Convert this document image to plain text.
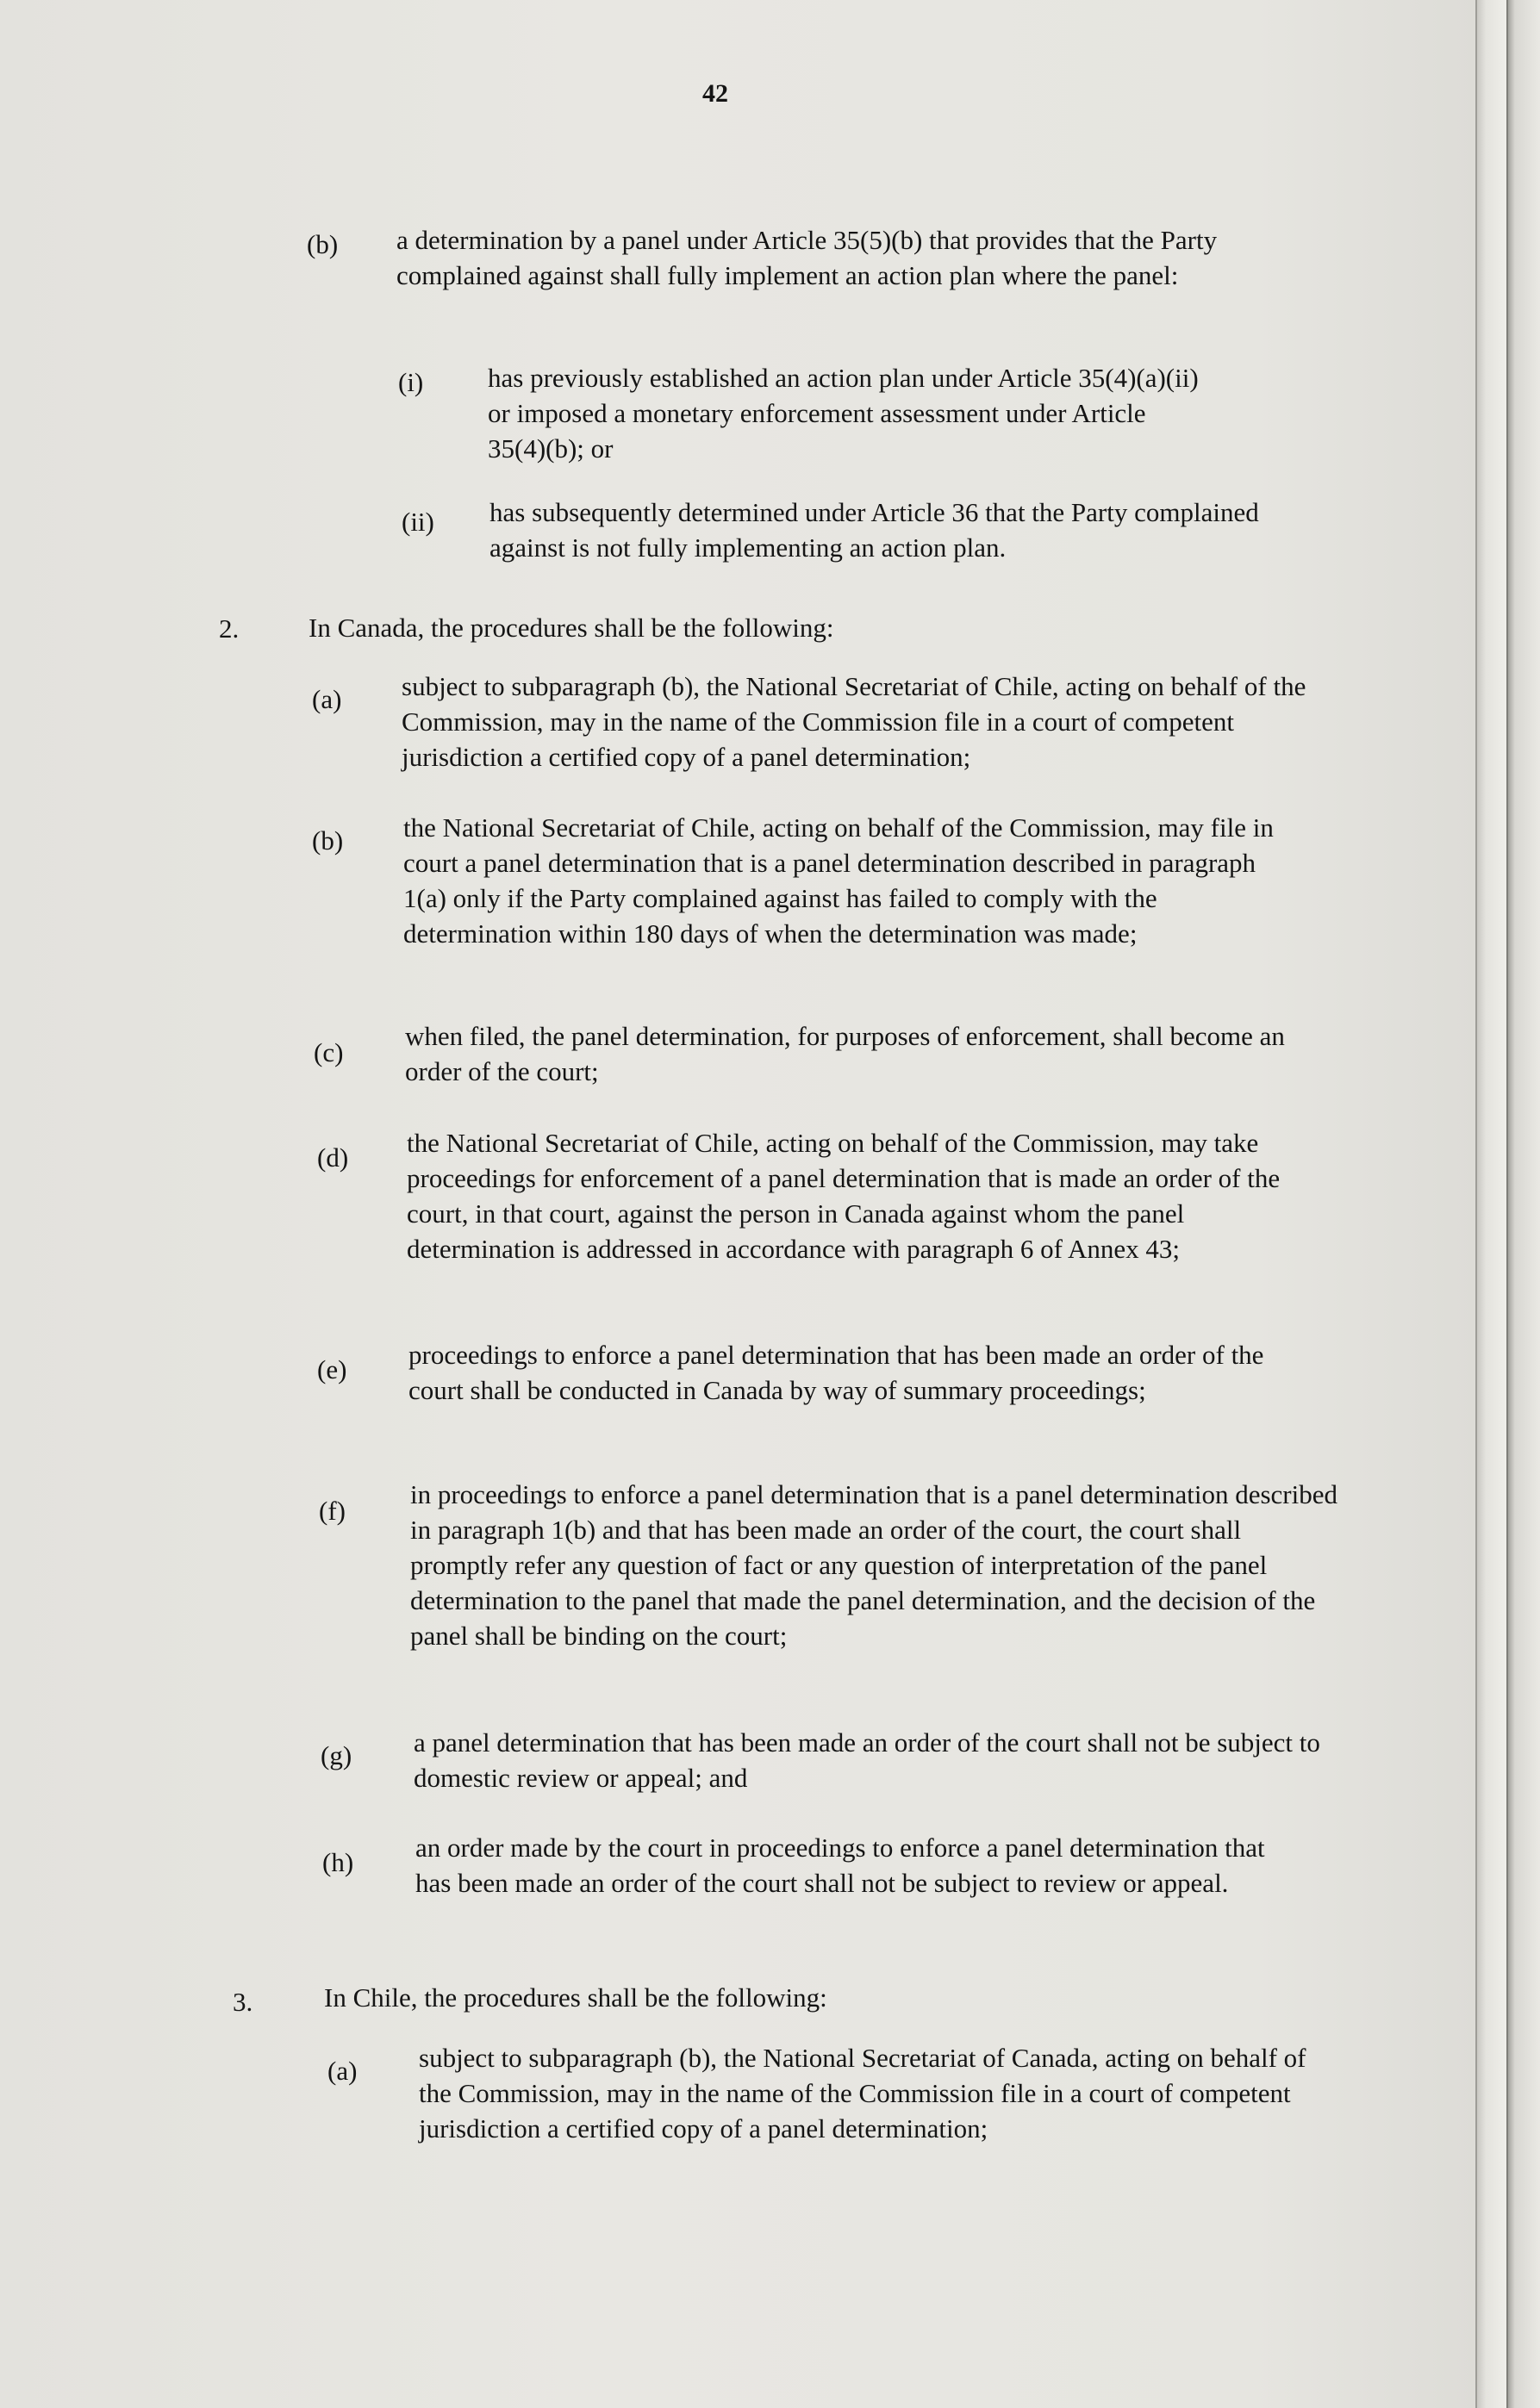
42
(b) a determination by a panel under Article 35(5)(b) that provides that the Party complained against shall fully implement an action plan where the panel:
(i) has previously established an action plan under Article 35(4)(a)(ii) or imposed a monetary enforcement assessment under Article 35(4)(b); or
(ii) has subsequently determined under Article 36 that the Party complained against is not fully implementing an action plan.
2.	In Canada, the procedures shall be the following:
(a) subject to subparagraph (b), the National Secretariat of Chile, acting on behalf of the Commission, may in the name of the Commission file in a court of competent jurisdiction a certified copy of a panel determination;
(b) the National Secretariat of Chile, acting on behalf of the Commission, may file in court a panel determination that is a panel determination described in paragraph 1(a) only if the Party complained against has failed to comply with the determination within 180 days of when the determination was made;
(c)
when filed, the panel determination, for purposes of enforcement, shall become an order of the court;
(d) the National Secretariat of Chile, acting on behalf of the Commission, may take proceedings for enforcement of a panel determination that is made an order of the court, in that court, against the person in Canada against whom the panel determination is addressed in accordance with paragraph 6 of Annex 43;
(e) proceedings to enforce a panel determination that has been made an order of the court shall be conducted in Canada by way of summary proceedings;
(f)
in proceedings to enforce a panel determination that is a panel determination described in paragraph 1(b) and that has been made an order of the court, the court shall promptly refer any question of fact or any question of interpretation of the panel determination to the panel that made the panel determination, and the decision of the panel shall be binding on the court;
(g) a panel determination that has been made an order of the court shall not be subject to domestic review or appeal; and
(h) an order made by the court in proceedings to enforce a panel determination that has been made an order of the court shall not be subject to review or appeal.
3.	In Chile, the procedures shall be the following:
(a) subject to subparagraph (b), the National Secretariat of Canada, acting on behalf of the Commission, may in the name of the Commission file in a court of competent jurisdiction a certified copy of a panel determination;
